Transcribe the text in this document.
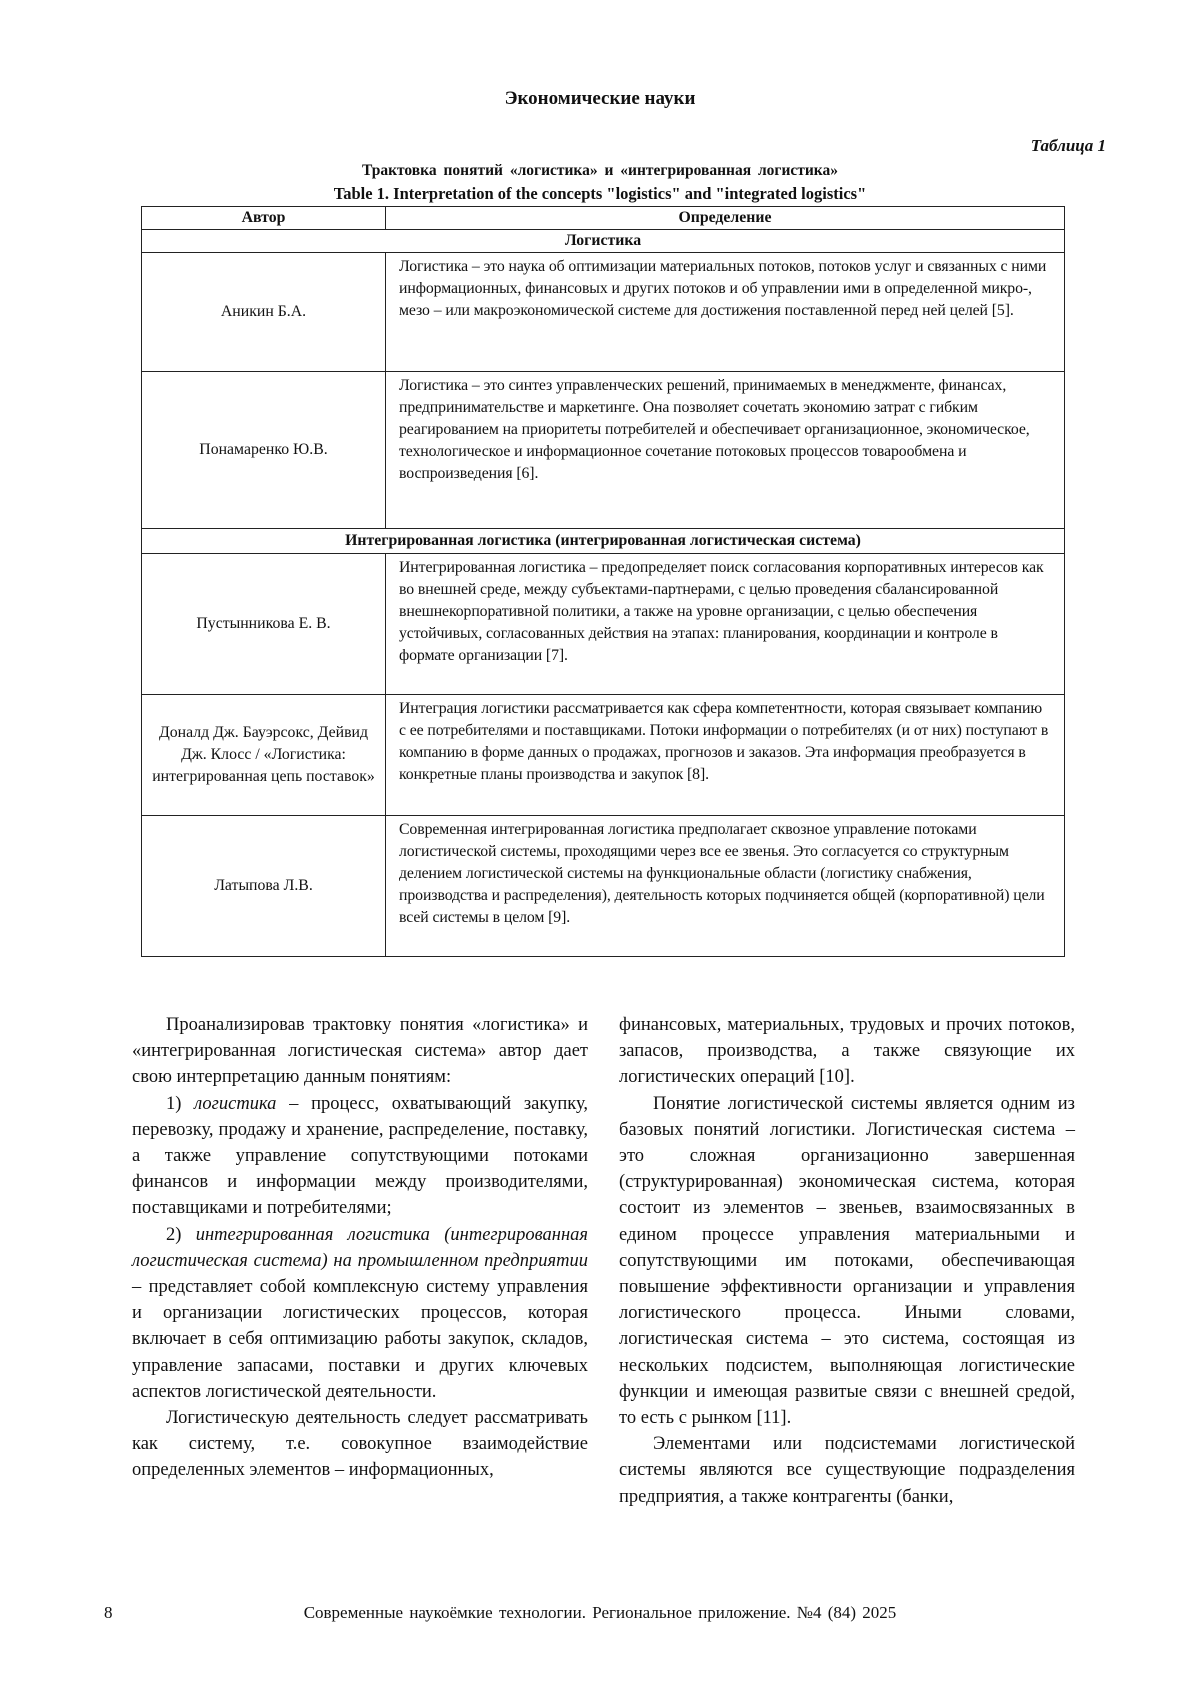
Экономические науки
Таблица 1
Трактовка понятий «логистика» и «интегрированная логистика»
Table 1. Interpretation of the concepts "logistics" and "integrated logistics"
Автор	Определение
Логистика	
Аникин Б.А.	Логистика – это наука об оптимизации материальных потоков, потоков услуг и связанных с ними информационных, финансовых и других потоков и об управлении ими в определенной микро-, мезо – или макроэкономической системе для достижения поставленной перед ней целей [5].
Понамаренко Ю.В.	Логистика – это синтез управленческих решений, принимаемых в менеджменте, финансах, предпринимательстве и маркетинге. Она позволяет сочетать экономию затрат с гибким реагированием на приоритеты потребителей и обеспечивает организационное, экономическое, технологическое и информационное сочетание потоковых процессов товарообмена и воспроизведения [6].
Интегрированная логистика (интегрированная логистическая система)	
Пустынникова Е. В.	Интегрированная логистика – предопределяет поиск согласования корпоративных интересов как во внешней среде, между субъектами-партнерами, с целью проведения сбалансированной внешнекорпоративной политики, а также на уровне организации, с целью обеспечения устойчивых, согласованных действия на этапах: планирования, координации и контроле в формате организации [7].
Доналд Дж. Бауэрсокс, Дейвид Дж. Клосс / «Логистика: интегрированная цепь поставок»	Интеграция логистики рассматривается как сфера компетентности, которая связывает компанию с ее потребителями и поставщиками. Потоки информации о потребителях (и от них) поступают в компанию в форме данных о продажах, прогнозов и заказов. Эта информация преобразуется в конкретные планы производства и закупок [8].
Латыпова Л.В.	Современная интегрированная логистика предполагает сквозное управление потоками логистической системы, проходящими через все ее звенья. Это согласуется со структурным делением логистической системы на функциональные области (логистику снабжения, производства и распределения), деятельность которых подчиняется общей (корпоративной) цели всей системы в целом [9].

Проанализировав трактовку понятия «логистика» и «интегрированная логистическая система» автор дает свою интерпретацию данным понятиям:

1) логистика – процесс, охватывающий закупку, перевозку, продажу и хранение, распределение, поставку, а также управление сопутствующими потоками финансов и информации между производителями, поставщиками и потребителями;

2) интегрированная логистика (интегрированная логистическая система) на промышленном предприятии – представляет собой комплексную систему управления и организации логистических процессов, которая включает в себя оптимизацию работы закупок, складов, управление запасами, поставки и других ключевых аспектов логистической деятельности.

Логистическую деятельность следует рассматривать как систему, т.е. совокупное взаимодействие определенных элементов – информационных,

финансовых, материальных, трудовых и прочих потоков, запасов, производства, а также связующие их логистических операций [10].

Понятие логистической системы является одним из базовых понятий логистики. Логистическая система – это сложная организационно завершенная (структурированная) экономическая система, которая состоит из элементов – звеньев, взаимосвязанных в едином процессе управления материальными и сопутствующими им потоками, обеспечивающая повышение эффективности организации и управления логистического процесса. Иными словами, логистическая система – это система, состоящая из нескольких подсистем, выполняющая логистические функции и имеющая развитые связи с внешней средой, то есть с рынком [11].

Элементами или подсистемами логистической системы являются все существующие подразделения предприятия, а также контрагенты (банки,

Современные наукоёмкие технологии. Региональное приложение. №4 (84) 2025
8
